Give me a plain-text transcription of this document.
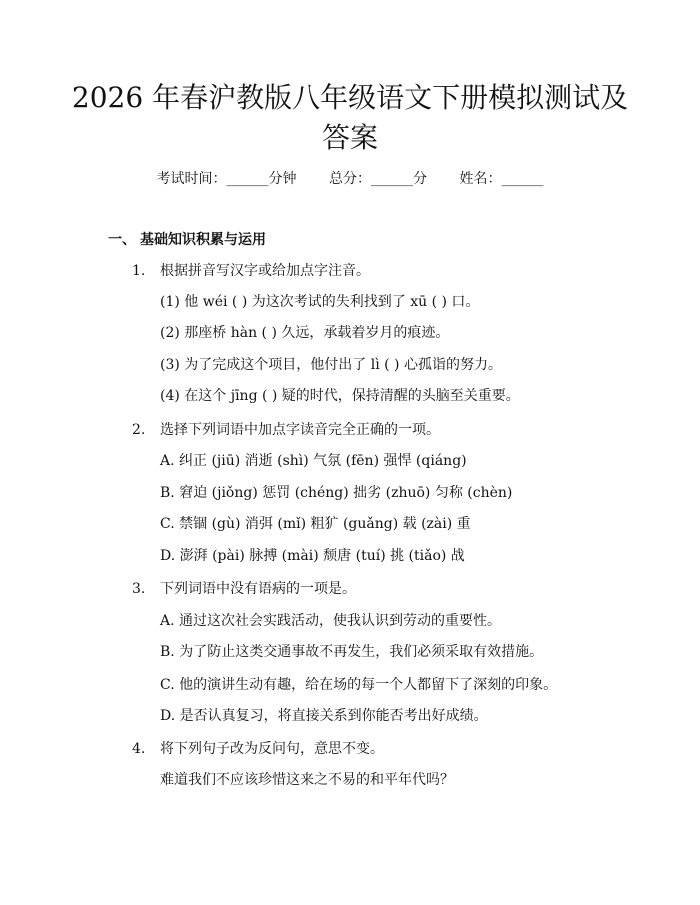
2026 年春沪教版八年级语文下册模拟测试及
答案
考试时间：______分钟 总分：______分 姓名：______
一、 基础知识积累与运用
1. 根据拼音写汉字或给加点字注音。
(1) 他 wéi ( ) 为这次考试的失利找到了 xū ( ) 口。
(2) 那座桥 hàn ( ) 久远，承载着岁月的痕迹。
(3) 为了完成这个项目，他付出了 lì ( ) 心孤诣的努力。
(4) 在这个 jīng ( ) 疑的时代，保持清醒的头脑至关重要。
2. 选择下列词语中加点字读音完全正确的一项。
A. 纠正 (jiū) 消逝 (shì) 气氛 (fēn) 强悍 (qiáng)
B. 窘迫 (jiǒng) 惩罚 (chéng) 拙劣 (zhuō) 匀称 (chèn)
C. 禁锢 (gù) 消弭 (mǐ) 粗犷 (guǎng) 载 (zài) 重
D. 澎湃 (pài) 脉搏 (mài) 颓唐 (tuí) 挑 (tiǎo) 战
3. 下列词语中没有语病的一项是。
A. 通过这次社会实践活动，使我认识到劳动的重要性。
B. 为了防止这类交通事故不再发生，我们必须采取有效措施。
C. 他的演讲生动有趣，给在场的每一个人都留下了深刻的印象。
D. 是否认真复习，将直接关系到你能否考出好成绩。
4. 将下列句子改为反问句，意思不变。
难道我们不应该珍惜这来之不易的和平年代吗？
